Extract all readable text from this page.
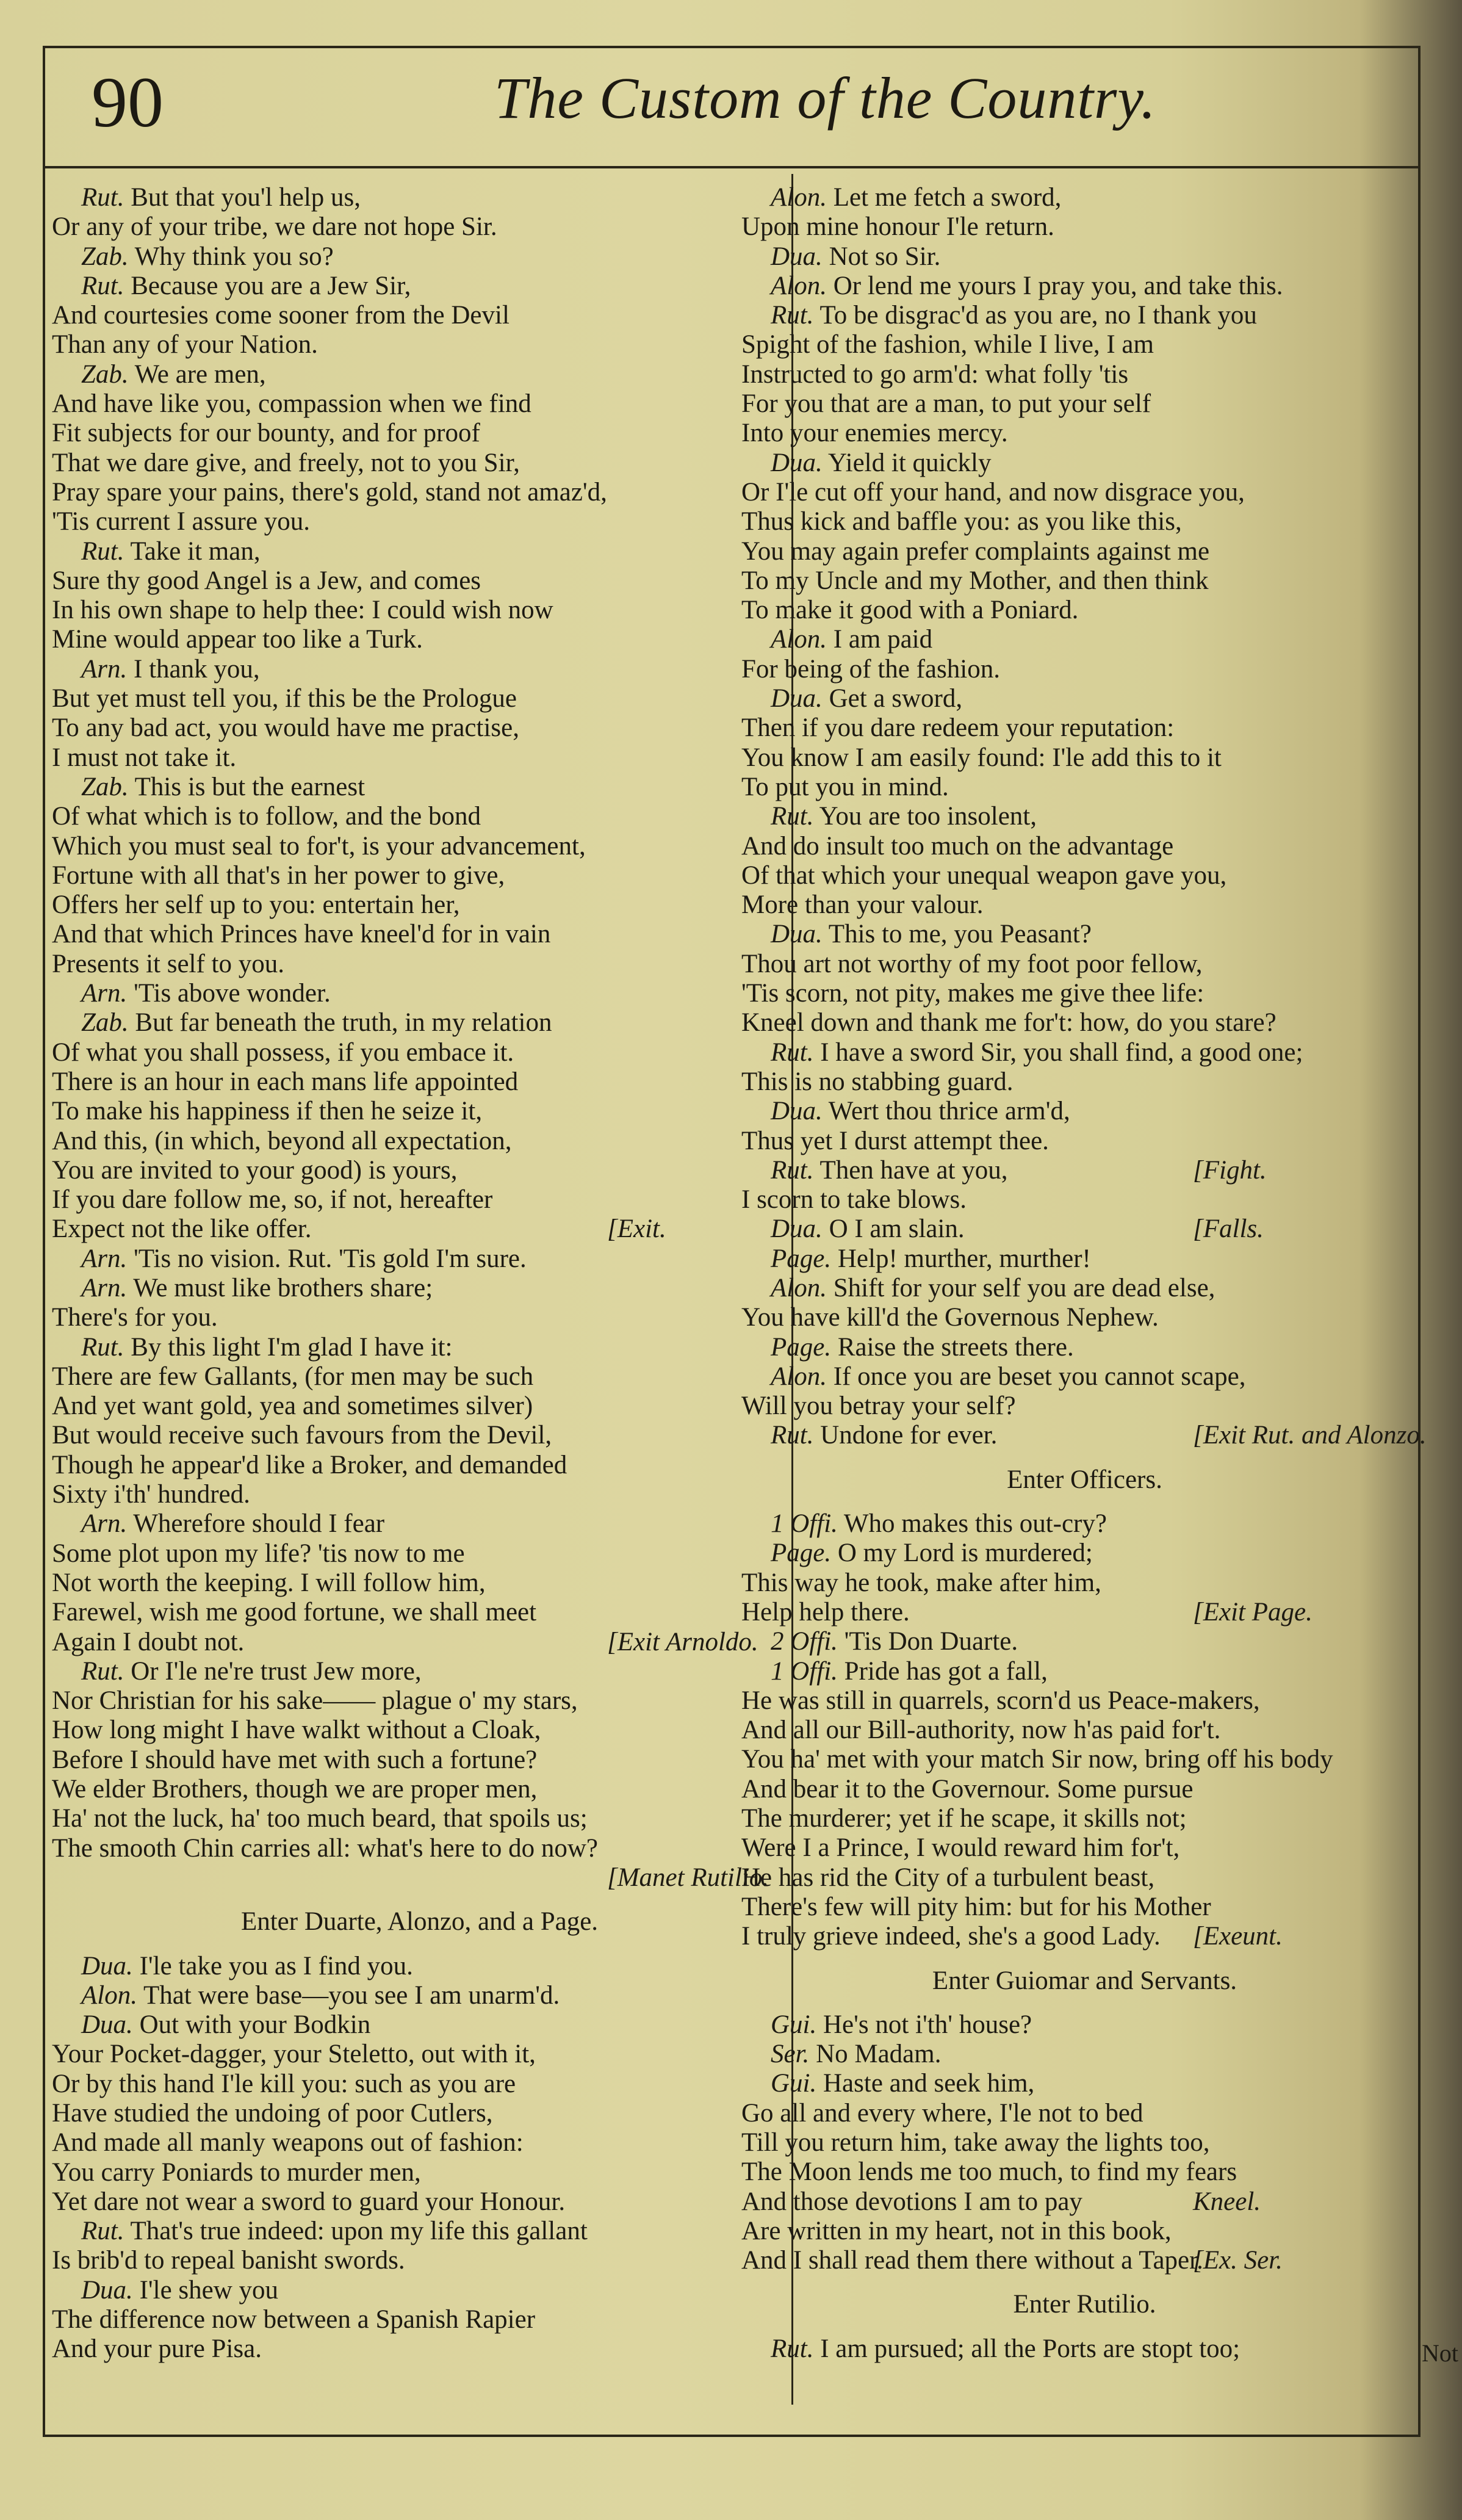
90	The Custom of the Country.
Rut. But that you'l help us,
Or any of your tribe, we dare not hope Sir.
Zab. Why think you so?
Rut. Because you are a Jew Sir,
And courtesies come sooner from the Devil
Than any of your Nation.
Zab. We are men,
And have like you, compassion when we find
Fit subjects for our bounty, and for proof
That we dare give, and freely, not to you Sir,
Pray spare your pains, there's gold, stand not amaz'd,
'Tis current I assure you.
Rut. Take it man,
Sure thy good Angel is a Jew, and comes
In his own shape to help thee: I could wish now
Mine would appear too like a Turk.
Arn. I thank you,
But yet must tell you, if this be the Prologue
To any bad act, you would have me practise,
I must not take it.
Zab. This is but the earnest
Of what which is to follow, and the bond
Which you must seal to for't, is your advancement,
Fortune with all that's in her power to give,
Offers her self up to you: entertain her,
And that which Princes have kneel'd for in vain
Presents it self to you.
Arn. 'Tis above wonder.
Zab. But far beneath the truth, in my relation
Of what you shall possess, if you embace it.
There is an hour in each mans life appointed
To make his happiness if then he seize it,
And this, (in which, beyond all expectation,
You are invited to your good) is yours,
If you dare follow me, so, if not, hereafter
Expect not the like offer.	[Exit.
Arn. 'Tis no vision. Rut. 'Tis gold I'm sure.
Arn. We must like brothers share;
There's for you.
Rut. By this light I'm glad I have it:
There are few Gallants, (for men may be such
And yet want gold, yea and sometimes silver)
But would receive such favours from the Devil,
Though he appear'd like a Broker, and demanded
Sixty i'th' hundred.
Arn. Wherefore should I fear
Some plot upon my life? 'tis now to me
Not worth the keeping. I will follow him,
Farewel, wish me good fortune, we shall meet
Again I doubt not.	[Exit Arnoldo.
Rut. Or I'le ne're trust Jew more,
Nor Christian for his sake—— plague o' my stars,
How long might I have walkt without a Cloak,
Before I should have met with such a fortune?
We elder Brothers, though we are proper men,
Ha' not the luck, ha' too much beard, that spoils us;
The smooth Chin carries all: what's here to do now?
[Manet Rutilio.
Enter Duarte, Alonzo, and a Page.
Dua. I'le take you as I find you.
Alon. That were base—you see I am unarm'd.
Dua. Out with your Bodkin
Your Pocket-dagger, your Steletto, out with it,
Or by this hand I'le kill you: such as you are
Have studied the undoing of poor Cutlers,
And made all manly weapons out of fashion:
You carry Poniards to murder men,
Yet dare not wear a sword to guard your Honour.
Rut. That's true indeed: upon my life this gallant
Is brib'd to repeal banisht swords.
Dua. I'le shew you
The difference now between a Spanish Rapier
And your pure Pisa.
Alon. Let me fetch a sword,
Upon mine honour I'le return.
Dua. Not so Sir.
Alon. Or lend me yours I pray you, and take this.
Rut. To be disgrac'd as you are, no I thank you
Spight of the fashion, while I live, I am
Instructed to go arm'd: what folly 'tis
For you that are a man, to put your self
Into your enemies mercy.
Dua. Yield it quickly
Or I'le cut off your hand, and now disgrace you,
Thus kick and baffle you: as you like this,
You may again prefer complaints against me
To my Uncle and my Mother, and then think
To make it good with a Poniard.
Alon. I am paid
For being of the fashion.
Dua. Get a sword,
Then if you dare redeem your reputation:
You know I am easily found: I'le add this to it
To put you in mind.
Rut. You are too insolent,
And do insult too much on the advantage
Of that which your unequal weapon gave you,
More than your valour.
Dua. This to me, you Peasant?
Thou art not worthy of my foot poor fellow,
'Tis scorn, not pity, makes me give thee life:
Kneel down and thank me for't: how, do you stare?
Rut. I have a sword Sir, you shall find, a good one;
This is no stabbing guard.
Dua. Wert thou thrice arm'd,
Thus yet I durst attempt thee.
Rut. Then have at you,	[Fight.
I scorn to take blows.
Dua. O I am slain.	[Falls.
Page. Help! murther, murther!
Alon. Shift for your self you are dead else,
You have kill'd the Governous Nephew.
Page. Raise the streets there.
Alon. If once you are beset you cannot scape,
Will you betray your self?
Rut. Undone for ever.	[Exit Rut. and Alonzo.
Enter Officers.
1 Offi. Who makes this out-cry?
Page. O my Lord is murdered;
This way he took, make after him,
Help help there.	[Exit Page.
2 Offi. 'Tis Don Duarte.
1 Offi. Pride has got a fall,
He was still in quarrels, scorn'd us Peace-makers,
And all our Bill-authority, now h'as paid for't.
You ha' met with your match Sir now, bring off his body
And bear it to the Governour. Some pursue
The murderer; yet if he scape, it skills not;
Were I a Prince, I would reward him for't,
He has rid the City of a turbulent beast,
There's few will pity him: but for his Mother
I truly grieve indeed, she's a good Lady. [Exeunt.
Enter Guiomar and Servants.
Gui. He's not i'th' house?
Ser. No Madam.
Gui. Haste and seek him,
Go all and every where, I'le not to bed
Till you return him, take away the lights too,
The Moon lends me too much, to find my fears
And those devotions I am to pay	Kneel.
Are written in my heart, not in this book,
And I shall read them there without a Taper.
[Ex. Ser.
Enter Rutilio.
Rut. I am pursued; all the Ports are stopt too;	Not
